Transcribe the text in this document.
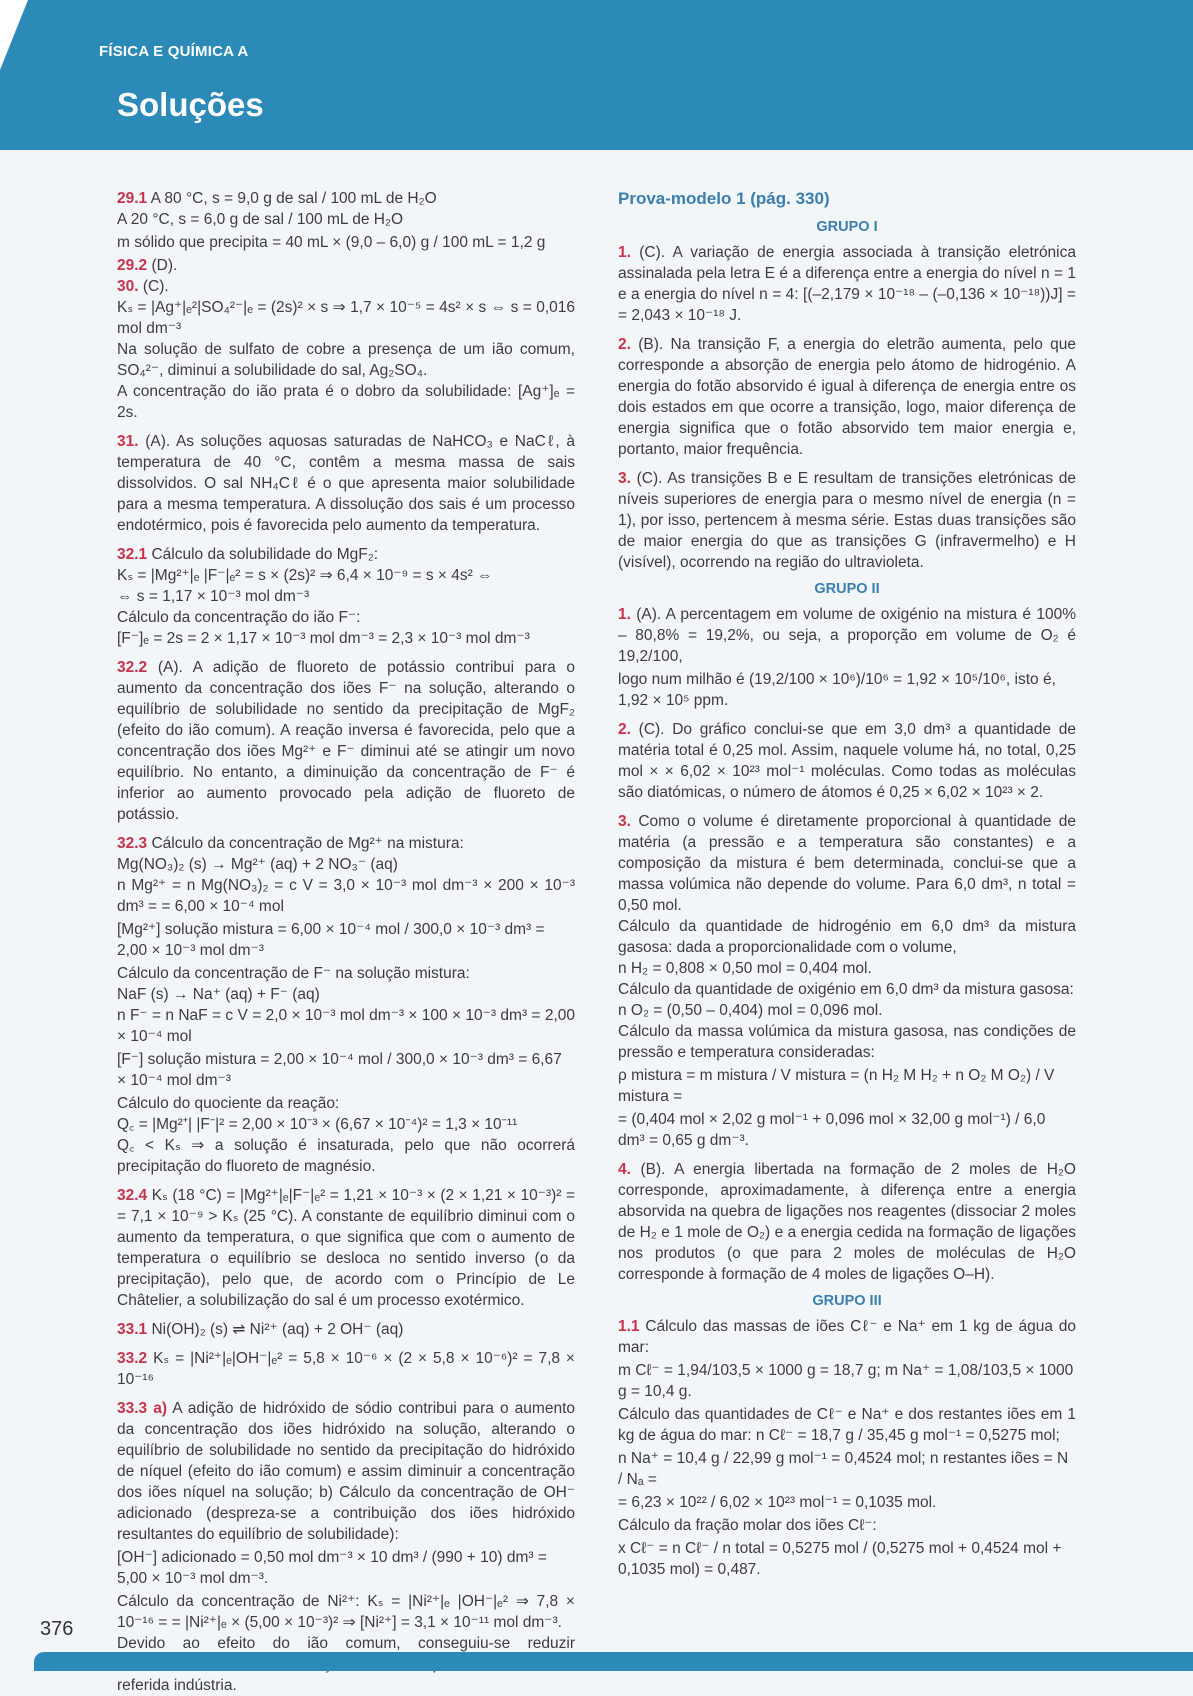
FÍSICA E QUÍMICA A
Soluções

29.1 A 80 °C, s = 9,0 g de sal / 100 mL de H₂O

A 20 °C, s = 6,0 g de sal / 100 mL de H₂O

m sólido que precipita = 40 mL × (9,0 – 6,0) g / 100 mL = 1,2 g

29.2 (D).

30. (C).

Kₛ = |Ag⁺|ₑ²|SO₄²⁻|ₑ = (2s)² × s ⇒ 1,7 × 10⁻⁵ = 4s² × s ⇔ s = 0,016 mol dm⁻³

Na solução de sulfato de cobre a presença de um ião comum, SO₄²⁻, diminui a solubilidade do sal, Ag₂SO₄.

A concentração do ião prata é o dobro da solubilidade: [Ag⁺]ₑ = 2s.

31. (A). As soluções aquosas saturadas de NaHCO₃ e NaCℓ, à temperatura de 40 °C, contêm a mesma massa de sais dissolvidos. O sal NH₄Cℓ é o que apresenta maior solubilidade para a mesma temperatura. A dissolução dos sais é um processo endotérmico, pois é favorecida pelo aumento da temperatura.

32.1 Cálculo da solubilidade do MgF₂:

Kₛ = |Mg²⁺|ₑ |F⁻|ₑ² = s × (2s)² ⇒ 6,4 × 10⁻⁹ = s × 4s² ⇔

⇔ s = 1,17 × 10⁻³ mol dm⁻³

Cálculo da concentração do ião F⁻:

[F⁻]ₑ = 2s = 2 × 1,17 × 10⁻³ mol dm⁻³ = 2,3 × 10⁻³ mol dm⁻³

32.2 (A). A adição de fluoreto de potássio contribui para o aumento da concentração dos iões F⁻ na solução, alterando o equilíbrio de solubilidade no sentido da precipitação de MgF₂ (efeito do ião comum). A reação inversa é favorecida, pelo que a concentração dos iões Mg²⁺ e F⁻ diminui até se atingir um novo equilíbrio. No entanto, a diminuição da concentração de F⁻ é inferior ao aumento provocado pela adição de fluoreto de potássio.

32.3 Cálculo da concentração de Mg²⁺ na mistura:

Mg(NO₃)₂ (s) → Mg²⁺ (aq) + 2 NO₃⁻ (aq)

n Mg²⁺ = n Mg(NO₃)₂ = c V = 3,0 × 10⁻³ mol dm⁻³ × 200 × 10⁻³ dm³ = = 6,00 × 10⁻⁴ mol

[Mg²⁺] solução mistura = 6,00 × 10⁻⁴ mol / 300,0 × 10⁻³ dm³ = 2,00 × 10⁻³ mol dm⁻³

Cálculo da concentração de F⁻ na solução mistura:

NaF (s) → Na⁺ (aq) + F⁻ (aq)

n F⁻ = n NaF = c V = 2,0 × 10⁻³ mol dm⁻³ × 100 × 10⁻³ dm³ = 2,00 × 10⁻⁴ mol

[F⁻] solução mistura = 2,00 × 10⁻⁴ mol / 300,0 × 10⁻³ dm³ = 6,67 × 10⁻⁴ mol dm⁻³

Cálculo do quociente da reação:

Q꜀ = |Mg²⁺| |F⁻|² = 2,00 × 10⁻³ × (6,67 × 10⁻⁴)² = 1,3 × 10⁻¹¹

Q꜀ < Kₛ ⇒ a solução é insaturada, pelo que não ocorrerá precipitação do fluoreto de magnésio.

32.4 Kₛ (18 °C) = |Mg²⁺|ₑ|F⁻|ₑ² = 1,21 × 10⁻³ × (2 × 1,21 × 10⁻³)² = = 7,1 × 10⁻⁹ > Kₛ (25 °C). A constante de equilíbrio diminui com o aumento da temperatura, o que significa que com o aumento de temperatura o equilíbrio se desloca no sentido inverso (o da precipitação), pelo que, de acordo com o Princípio de Le Châtelier, a solubilização do sal é um processo exotérmico.

33.1 Ni(OH)₂ (s) ⇌ Ni²⁺ (aq) + 2 OH⁻ (aq)

33.2 Kₛ = |Ni²⁺|ₑ|OH⁻|ₑ² = 5,8 × 10⁻⁶ × (2 × 5,8 × 10⁻⁶)² = 7,8 × 10⁻¹⁶

33.3 a) A adição de hidróxido de sódio contribui para o aumento da concentração dos iões hidróxido na solução, alterando o equilíbrio de solubilidade no sentido da precipitação do hidróxido de níquel (efeito do ião comum) e assim diminuir a concentração dos iões níquel na solução; b) Cálculo da concentração de OH⁻ adicionado (despreza-se a contribuição dos iões hidróxido resultantes do equilíbrio de solubilidade):

[OH⁻] adicionado = 0,50 mol dm⁻³ × 10 dm³ / (990 + 10) dm³ = 5,00 × 10⁻³ mol dm⁻³.

Cálculo da concentração de Ni²⁺: Kₛ = |Ni²⁺|ₑ |OH⁻|ₑ² ⇒ 7,8 × 10⁻¹⁶ = = |Ni²⁺|ₑ × (5,00 × 10⁻³)² ⇒ [Ni²⁺] = 3,1 × 10⁻¹¹ mol dm⁻³.

Devido ao efeito do ião comum, conseguiu-se reduzir referida indústria.

Prova-modelo 1 (pág. 330)

GRUPO I

1. (C). A variação de energia associada à transição eletrónica assinalada pela letra E é a diferença entre a energia do nível n = 1 e a energia do nível n = 4: [(–2,179 × 10⁻¹⁸ – (–0,136 × 10⁻¹⁸))J] = = 2,043 × 10⁻¹⁸ J.

2. (B). Na transição F, a energia do eletrão aumenta, pelo que corresponde a absorção de energia pelo átomo de hidrogénio. A energia do fotão absorvido é igual à diferença de energia entre os dois estados em que ocorre a transição, logo, maior diferença de energia significa que o fotão absorvido tem maior energia e, portanto, maior frequência.

3. (C). As transições B e E resultam de transições eletrónicas de níveis superiores de energia para o mesmo nível de energia (n = 1), por isso, pertencem à mesma série. Estas duas transições são de maior energia do que as transições G (infravermelho) e H (visível), ocorrendo na região do ultravioleta.

GRUPO II

1. (A). A percentagem em volume de oxigénio na mistura é 100% – 80,8% = 19,2%, ou seja, a proporção em volume de O₂ é 19,2/100,

logo num milhão é (19,2/100 × 10⁶)/10⁶ = 1,92 × 10⁵/10⁶, isto é, 1,92 × 10⁵ ppm.

2. (C). Do gráfico conclui-se que em 3,0 dm³ a quantidade de matéria total é 0,25 mol. Assim, naquele volume há, no total, 0,25 mol × × 6,02 × 10²³ mol⁻¹ moléculas. Como todas as moléculas são diatómicas, o número de átomos é 0,25 × 6,02 × 10²³ × 2.

3. Como o volume é diretamente proporcional à quantidade de matéria (a pressão e a temperatura são constantes) e a composição da mistura é bem determinada, conclui-se que a massa volúmica não depende do volume. Para 6,0 dm³, n total = 0,50 mol.

Cálculo da quantidade de hidrogénio em 6,0 dm³ da mistura gasosa: dada a proporcionalidade com o volume,

n H₂ = 0,808 × 0,50 mol = 0,404 mol.

Cálculo da quantidade de oxigénio em 6,0 dm³ da mistura gasosa:

n O₂ = (0,50 – 0,404) mol = 0,096 mol.

Cálculo da massa volúmica da mistura gasosa, nas condições de pressão e temperatura consideradas:

ρ mistura = m mistura / V mistura = (n H₂ M H₂ + n O₂ M O₂) / V mistura =

= (0,404 mol × 2,02 g mol⁻¹ + 0,096 mol × 32,00 g mol⁻¹) / 6,0 dm³ = 0,65 g dm⁻³.

4. (B). A energia libertada na formação de 2 moles de H₂O corresponde, aproximadamente, à diferença entre a energia absorvida na quebra de ligações nos reagentes (dissociar 2 moles de H₂ e 1 mole de O₂) e a energia cedida na formação de ligações nos produtos (o que para 2 moles de moléculas de H₂O corresponde à formação de 4 moles de ligações O–H).

GRUPO III

1.1 Cálculo das massas de iões Cℓ⁻ e Na⁺ em 1 kg de água do mar:

m Cℓ⁻ = 1,94/103,5 × 1000 g = 18,7 g; m Na⁺ = 1,08/103,5 × 1000 g = 10,4 g.

Cálculo das quantidades de Cℓ⁻ e Na⁺ e dos restantes iões em 1 kg de água do mar: n Cℓ⁻ = 18,7 g / 35,45 g mol⁻¹ = 0,5275 mol;

n Na⁺ = 10,4 g / 22,99 g mol⁻¹ = 0,4524 mol; n restantes iões = N / Nₐ =

= 6,23 × 10²² / 6,02 × 10²³ mol⁻¹ = 0,1035 mol.

Cálculo da fração molar dos iões Cℓ⁻:

x Cℓ⁻ = n Cℓ⁻ / n total = 0,5275 mol / (0,5275 mol + 0,4524 mol + 0,1035 mol) = 0,487.

376
